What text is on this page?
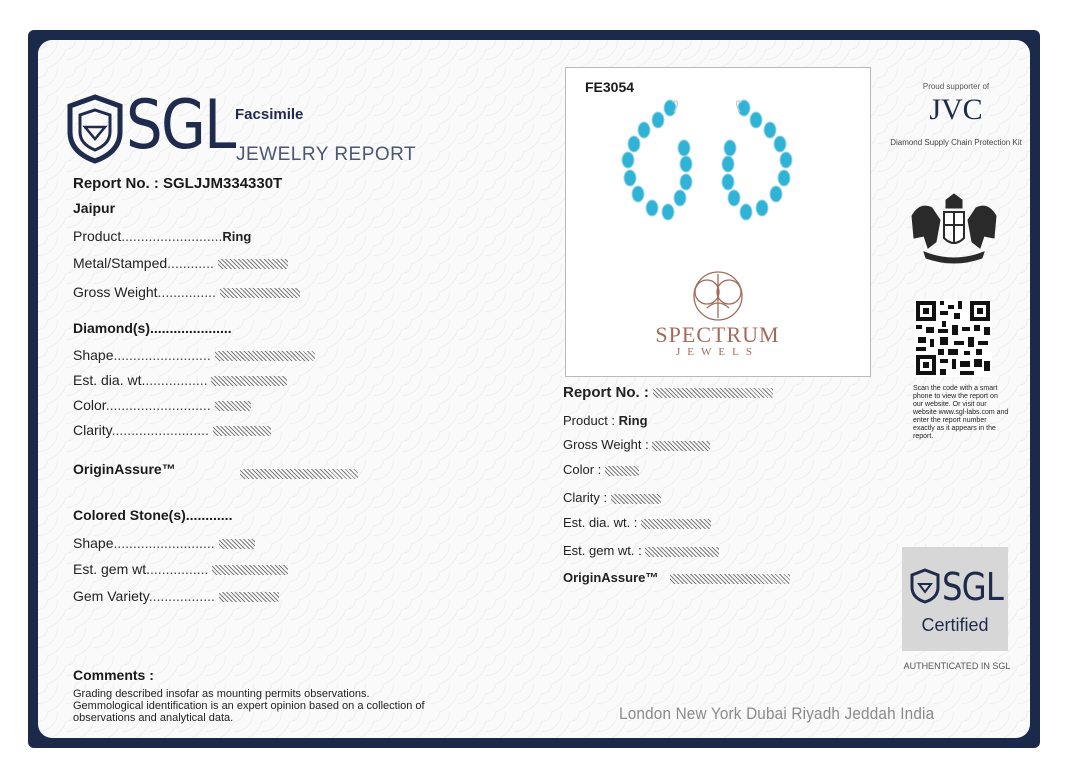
SGL Facsimile
JEWELRY REPORT
Report No. : SGLJJM334330T
Jaipur
Product..........................Ring
Metal/Stamped............
Gross Weight...............
Diamond(s).....................
Shape.........................
Est. dia. wt.................
Color...........................
Clarity.........................
OriginAssure™
Colored Stone(s)............
Shape..........................
Est. gem wt................
Gem Variety.................
Comments :
Grading described insofar as mounting permits observations. Gemmological identification is an expert opinion based on a collection of observations and analytical data.
FE3054
SPECTRUM
JEWELS
Report No. :
Product : Ring
Gross Weight :
Color :
Clarity :
Est. dia. wt. :
Est. gem wt. :
OriginAssure™
London New York Dubai Riyadh Jeddah India
Proud supporter of
JVC
Diamond Supply Chain Protection Kit
Scan the code with a smart phone to view the report on our website. Or visit our website www.sgl-labs.com and enter the report number exactly as it appears in the report.
SGL
Certified
AUTHENTICATED IN SGL
